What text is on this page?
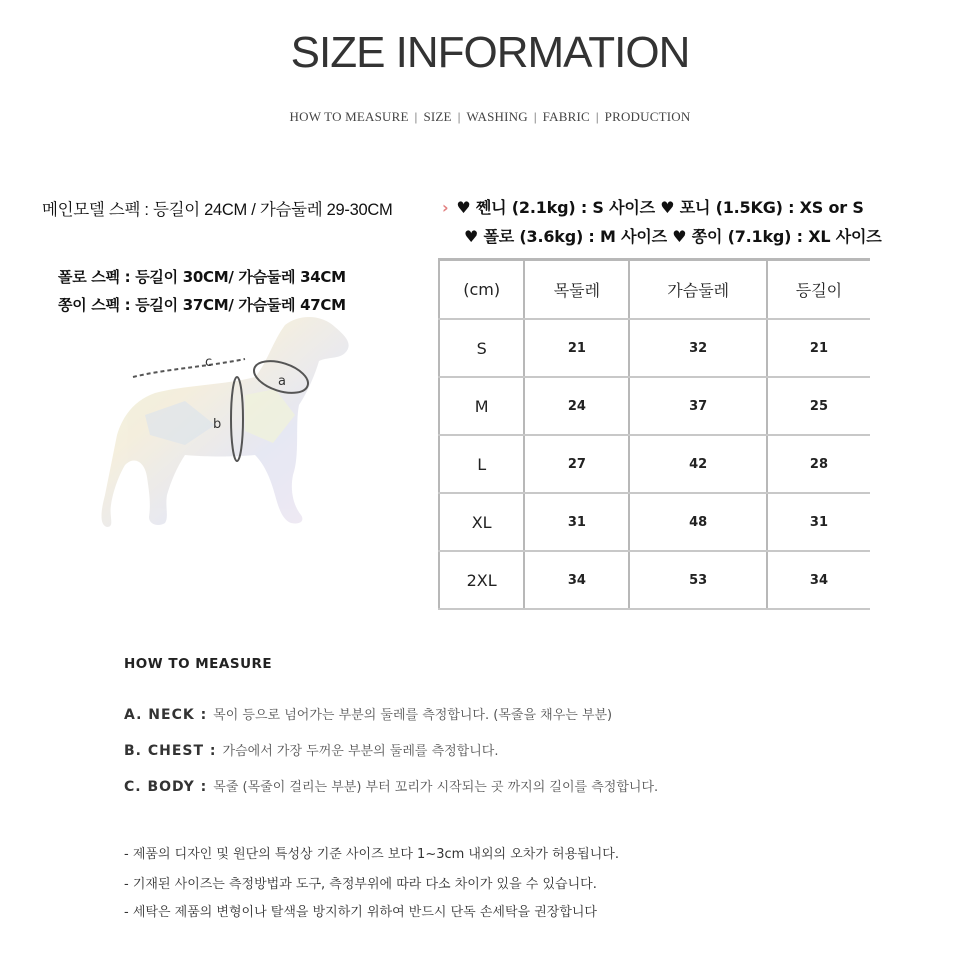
SIZE INFORMATION
HOW TO MEASURE | SIZE | WASHING | FABRIC | PRODUCTION
메인모델 스펙 : 등길이 24CM / 가슴둘레 29-30CM
폴로 스펙 : 등길이 30CM/ 가슴둘레 34CM
쫑이 스펙 : 등길이 37CM/ 가슴둘레 47CM
c
a
b
› ♥ 쩬니 (2.1kg) : S 사이즈 ♥ 포니 (1.5KG) : XS or S
♥ 폴로 (3.6kg) : M 사이즈 ♥ 쫑이 (7.1kg) : XL 사이즈
(cm)	목둘레	가슴둘레	등길이
S	21	32	21
M	24	37	25
L	27	42	28
XL	31	48	31
2XL	34	53	34
HOW TO MEASURE
A. NECK : 목이 등으로 넘어가는 부분의 둘레를 측정합니다. (목줄을 채우는 부분)
B. CHEST : 가슴에서 가장 두꺼운 부분의 둘레를 측정합니다.
C. BODY : 목줄 (목줄이 걸리는 부분) 부터 꼬리가 시작되는 곳 까지의 길이를 측정합니다.
- 제품의 디자인 및 원단의 특성상 기준 사이즈 보다 1~3cm 내외의 오차가 허용됩니다.
- 기재된 사이즈는 측정방법과 도구, 측정부위에 따라 다소 차이가 있을 수 있습니다.
- 세탁은 제품의 변형이나 탈색을 방지하기 위하여 반드시 단독 손세탁을 권장합니다
